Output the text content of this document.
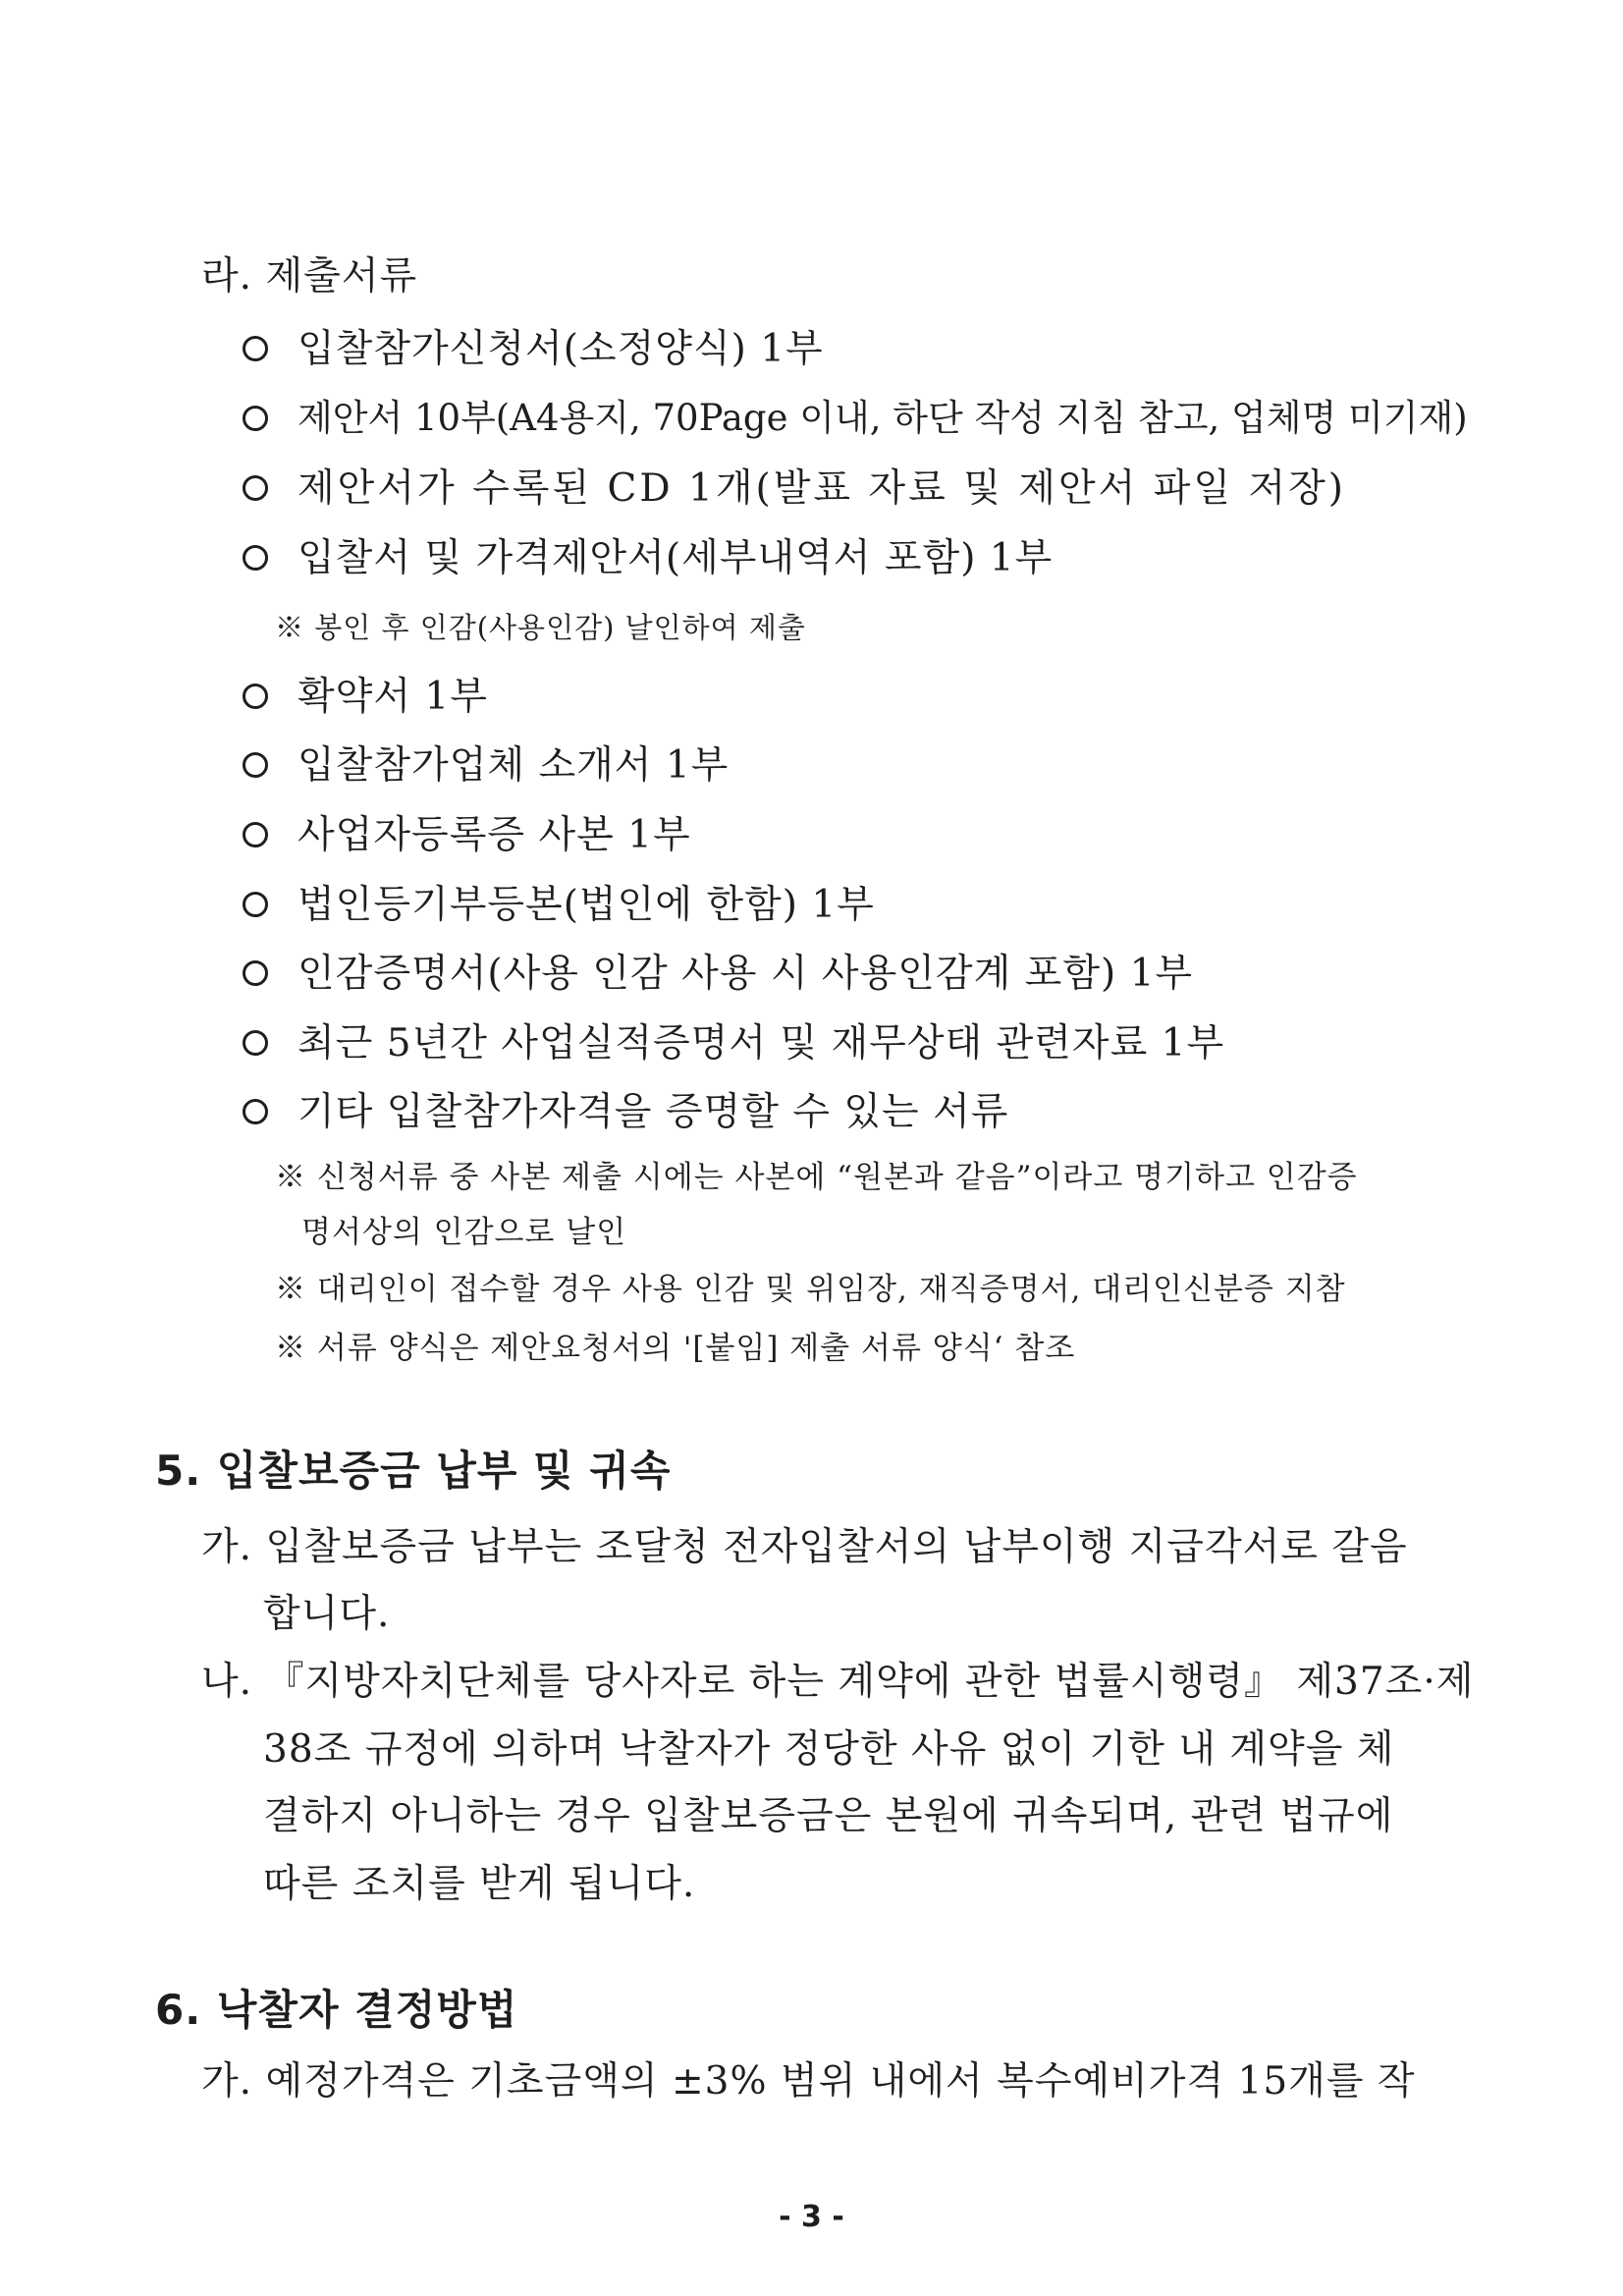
라. 제출서류
입찰참가신청서(소정양식) 1부
제안서 10부(A4용지, 70Page 이내, 하단 작성 지침 참고, 업체명 미기재)
제안서가 수록된 CD 1개(발표 자료 및 제안서 파일 저장)
입찰서 및 가격제안서(세부내역서 포함) 1부
※ 봉인 후 인감(사용인감) 날인하여 제출
확약서 1부
입찰참가업체 소개서 1부
사업자등록증 사본 1부
법인등기부등본(법인에 한함) 1부
인감증명서(사용 인감 사용 시 사용인감계 포함) 1부
최근 5년간 사업실적증명서 및 재무상태 관련자료 1부
기타 입찰참가자격을 증명할 수 있는 서류
※ 신청서류 중 사본 제출 시에는 사본에 “원본과 같음”이라고 명기하고 인감증
명서상의 인감으로 날인
※ 대리인이 접수할 경우 사용 인감 및 위임장, 재직증명서, 대리인신분증 지참
※ 서류 양식은 제안요청서의 '[붙임] 제출 서류 양식‘ 참조
5. 입찰보증금 납부 및 귀속
가. 입찰보증금 납부는 조달청 전자입찰서의 납부이행 지급각서로 갈음
합니다.
나. 『지방자치단체를 당사자로 하는 계약에 관한 법률시행령』 제37조·제
38조 규정에 의하며 낙찰자가 정당한 사유 없이 기한 내 계약을 체
결하지 아니하는 경우 입찰보증금은 본원에 귀속되며, 관련 법규에
따른 조치를 받게 됩니다.
6. 낙찰자 결정방법
가. 예정가격은 기초금액의 ±3% 범위 내에서 복수예비가격 15개를 작
- 3 -
